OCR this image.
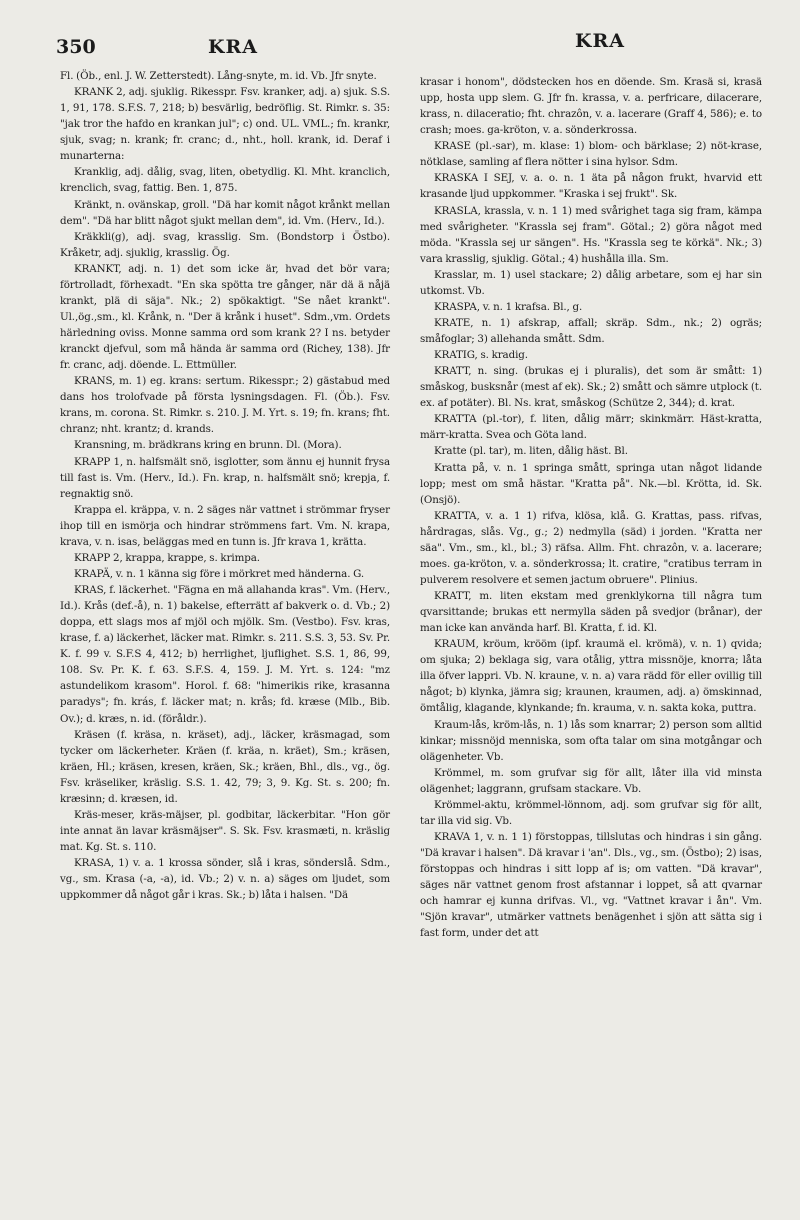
350	KRA	KRA

Fl. (Öb., enl. J. W. Zetterstedt). Lång-snyte, m. id. Vb. Jfr snyte.

KRANK 2, adj. sjuklig. Rikesspr. Fsv. kranker, adj. a) sjuk. S.S. 1, 91, 178. S.F.S. 7, 218; b) besvärlig, bedröflig. St. Rimkr. s. 35: "jak tror the hafdo en krankan jul"; c) ond. UL. VML.; fn. krankr, sjuk, svag; n. krank; fr. cranc; d., nht., holl. krank, id. Deraf i munarterna:

Kranklig, adj. dålig, svag, liten, obetydlig. Kl. Mht. kranclich, krenclich, svag, fattig. Ben. 1, 875.

Kränkt, n. ovänskap, groll. "Dä har komit något krånkt mellan dem". "Dä har blitt något sjukt mellan dem", id. Vm. (Herv., Id.).

Kräkkli(g), adj. svag, krasslig. Sm. (Bondstorp i Östbo). Kråketr, adj. sjuklig, krasslig. Ög.

KRANKT, adj. n. 1) det som icke är, hvad det bör vara; förtrolladt, förhexadt. "En ska spötta tre gånger, när dä ä nåjä krankt, plä di säja". Nk.; 2) spökaktigt. "Se nået krankt". Ul.,ög.,sm., kl. Krånk, n. "Der ä krånk i huset". Sdm.,vm. Ordets härledning oviss. Monne samma ord som krank 2? I ns. betyder kranckt djefvul, som må hända är samma ord (Richey, 138). Jfr fr. cranc, adj. döende. L. Ettmüller.

KRANS, m. 1) eg. krans: sertum. Rikesspr.; 2) gästabud med dans hos trolofvade på första lysningsdagen. Fl. (Öb.). Fsv. krans, m. corona. St. Rimkr. s. 210. J. M. Yrt. s. 19; fn. krans; fht. chranz; nht. krantz; d. krands.

Kransning, m. brädkrans kring en brunn. Dl. (Mora).

KRAPP 1, n. halfsmält snö, isglotter, som ännu ej hunnit frysa till fast is. Vm. (Herv., Id.). Fn. krap, n. halfsmält snö; krepja, f. regnaktig snö.

Krappa el. kräppa, v. n. 2 säges när vattnet i strömmar fryser ihop till en ismörja och hindrar strömmens fart. Vm. N. krapa, krava, v. n. isas, beläggas med en tunn is. Jfr krava 1, krätta.

KRAPP 2, krappa, krappe, s. krimpa.

KRAPÄ, v. n. 1 känna sig före i mörkret med händerna. G.

KRAS, f. läckerhet. "Fägna en mä allahanda kras". Vm. (Herv., Id.). Krås (def.-å), n. 1) bakelse, efterrätt af bakverk o. d. Vb.; 2) doppa, ett slags mos af mjöl och mjölk. Sm. (Vestbo). Fsv. kras, krase, f. a) läckerhet, läcker mat. Rimkr. s. 211. S.S. 3, 53. Sv. Pr. K. f. 99 v. S.F.S 4, 412; b) herrlighet, ljuflighet. S.S. 1, 86, 99, 108. Sv. Pr. K. f. 63. S.F.S. 4, 159. J. M. Yrt. s. 124: "mz astundelikom krasom". Horol. f. 68: "himerikis rike, krasanna paradys"; fn. krás, f. läcker mat; n. krås; fd. kræse (Mlb., Bib. Ov.); d. kræs, n. id. (föråldr.).

Kräsen (f. kräsa, n. kräset), adj., läcker, kräsmagad, som tycker om läckerheter. Kräen (f. kräa, n. kräet), Sm.; kräsen, kräen, Hl.; kräsen, kresen, kräen, Sk.; kräen, Bhl., dls., vg., ög. Fsv. kräseliker, kräslig. S.S. 1. 42, 79; 3, 9. Kg. St. s. 200; fn. kræsinn; d. kræsen, id.

Kräs-meser, kräs-mäjser, pl. godbitar, läckerbitar. "Hon gör inte annat än lavar kräsmäjser". S. Sk. Fsv. krasmæti, n. kräslig mat. Kg. St. s. 110.

KRASA, 1) v. a. 1 krossa sönder, slå i kras, sönderslå. Sdm., vg., sm. Krasa (-a, -a), id. Vb.; 2) v. n. a) säges om ljudet, som uppkommer då något går i kras. Sk.; b) låta i halsen. "Dä

krasar i honom", dödstecken hos en döende. Sm. Krasä si, krasä upp, hosta upp slem. G. Jfr fn. krassa, v. a. perfricare, dilacerare, krass, n. dilaceratio; fht. chrazôn, v. a. lacerare (Graff 4, 586); e. to crash; moes. ga-kröton, v. a. sönderkrossa.

KRASE (pl.-sar), m. klase: 1) blom- och bärklase; 2) nöt-krase, nötklase, samling af flera nötter i sina hylsor. Sdm.

KRASKA I SEJ, v. a. o. n. 1 äta på någon frukt, hvarvid ett krasande ljud uppkommer. "Kraska i sej frukt". Sk.

KRASLA, krassla, v. n. 1 1) med svårighet taga sig fram, kämpa med svårigheter. "Krassla sej fram". Götal.; 2) göra något med möda. "Krassla sej ur sängen". Hs. "Krassla seg te körkä". Nk.; 3) vara krasslig, sjuklig. Götal.; 4) hushålla illa. Sm.

Krasslar, m. 1) usel stackare; 2) dålig arbetare, som ej har sin utkomst. Vb.

KRASPA, v. n. 1 krafsa. Bl., g.

KRATE, n. 1) afskrap, affall; skräp. Sdm., nk.; 2) ogräs; småfoglar; 3) allehanda smått. Sdm.

KRATIG, s. kradig.

KRATT, n. sing. (brukas ej i pluralis), det som är smått: 1) småskog, busksnår (mest af ek). Sk.; 2) smått och sämre utplock (t. ex. af potäter). Bl. Ns. krat, småskog (Schütze 2, 344); d. krat.

KRATTA (pl.-tor), f. liten, dålig märr; skinkmärr. Häst-kratta, märr-kratta. Svea och Göta land.

Kratte (pl. tar), m. liten, dålig häst. Bl.

Kratta på, v. n. 1 springa smått, springa utan något lidande lopp; mest om små hästar. "Kratta på". Nk.—bl. Krötta, id. Sk. (Onsjö).

KRATTA, v. a. 1 1) rifva, klösa, klå. G. Krattas, pass. rifvas, hårdragas, slås. Vg., g.; 2) nedmylla (säd) i jorden. "Kratta ner säa". Vm., sm., kl., bl.; 3) räfsa. Allm. Fht. chrazôn, v. a. lacerare; moes. ga-kröton, v. a. sönderkrossa; lt. cratire, "cratibus terram in pulverem resolvere et semen jactum obruere". Plinius.

KRATT, m. liten ekstam med grenklykorna till några tum qvarsittande; brukas ett nermylla säden på svedjor (brånar), der man icke kan använda harf. Bl. Kratta, f. id. Kl.

KRAUM, kröum, krööm (ipf. kraumä el. krömä), v. n. 1) qvida; om sjuka; 2) beklaga sig, vara otålig, yttra missnöje, knorra; låta illa öfver lappri. Vb. N. kraune, v. n. a) vara rädd för eller ovillig till något; b) klynka, jämra sig; kraunen, kraumen, adj. a) ömskinnad, ömtålig, klagande, klynkande; fn. krauma, v. n. sakta koka, puttra.

Kraum-lås, kröm-lås, n. 1) lås som knarrar; 2) person som alltid kinkar; missnöjd menniska, som ofta talar om sina motgångar och olägenheter. Vb.

Krömmel, m. som grufvar sig för allt, låter illa vid minsta olägenhet; laggrann, grufsam stackare. Vb.

Krömmel-aktu, krömmel-lönnom, adj. som grufvar sig för allt, tar illa vid sig. Vb.

KRAVA 1, v. n. 1 1) förstoppas, tillslutas och hindras i sin gång. "Dä kravar i halsen". Dä kravar i 'an". Dls., vg., sm. (Östbo); 2) isas, förstoppas och hindras i sitt lopp af is; om vatten. "Dä kravar", säges när vattnet genom frost afstannar i loppet, så att qvarnar och hamrar ej kunna drifvas. Vl., vg. "Vattnet kravar i ån". Vm. "Sjön kravar", utmärker vattnets benägenhet i sjön att sätta sig i fast form, under det att
